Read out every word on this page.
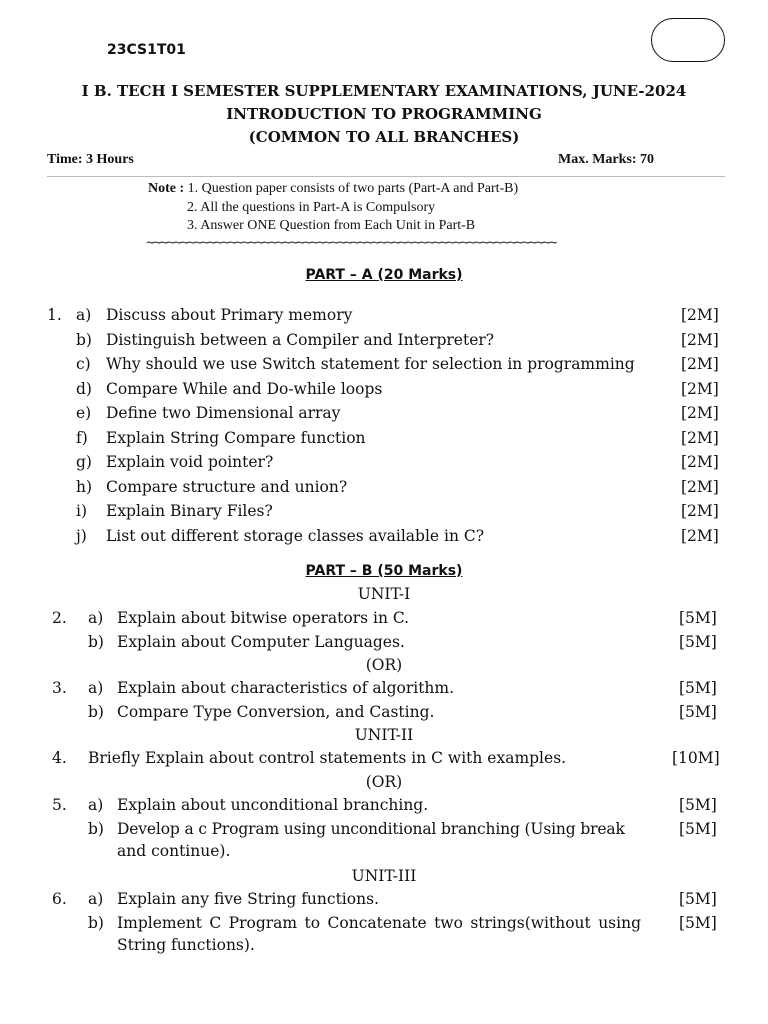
23CS1T01
I B. TECH I SEMESTER SUPPLEMENTARY EXAMINATIONS, JUNE-2024
INTRODUCTION TO PROGRAMMING
(COMMON TO ALL BRANCHES)
Time: 3 Hours	Max. Marks: 70
Note : 1. Question paper consists of two parts (Part-A and Part-B)
2. All the questions in Part-A is Compulsory
3. Answer ONE Question from Each Unit in Part-B
~~~~~~~~~~~~~~~~~~~~~~~~~~~~~~~~~~~~~~~~~~~~~~~~~~~~~~~~~~~~
PART – A (20 Marks)
1. a) Discuss about Primary memory	[2M]
b) Distinguish between a Compiler and Interpreter?	[2M]
c) Why should we use Switch statement for selection in programming	[2M]
d) Compare While and Do-while loops	[2M]
e) Define two Dimensional array	[2M]
f) Explain String Compare function	[2M]
g) Explain void pointer?	[2M]
h) Compare structure and union?	[2M]
i) Explain Binary Files?	[2M]
j) List out different storage classes available in C?	[2M]
PART – B (50 Marks)
UNIT-I
2. a) Explain about bitwise operators in C.	[5M]
b) Explain about Computer Languages.	[5M]
(OR)
3. a) Explain about characteristics of algorithm.	[5M]
b) Compare Type Conversion, and Casting.	[5M]
UNIT-II
4. Briefly Explain about control statements in C with examples.	[10M]
(OR)
5. a) Explain about unconditional branching.	[5M]
b) Develop a c Program using unconditional branching (Using break
and continue).
[5M]
UNIT-III
6. a) Explain any five String functions.	[5M]
b) Implement C Program to Concatenate two strings(without using
String functions).
[5M]
